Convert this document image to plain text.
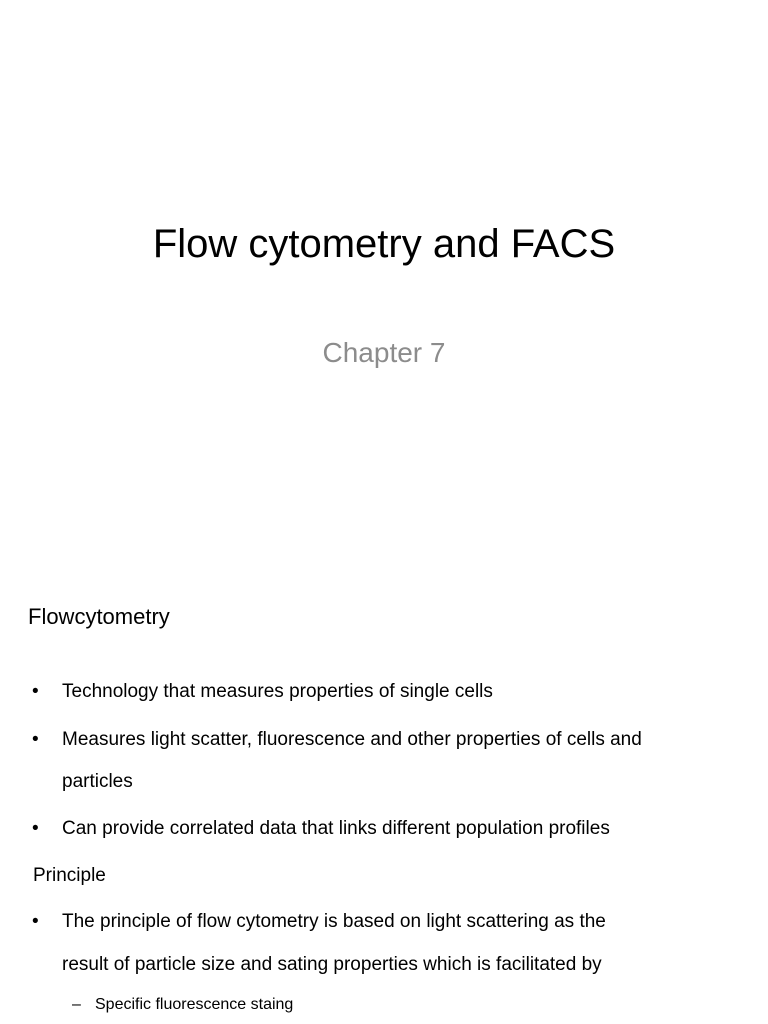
Flow cytometry and FACS
Chapter 7
Flowcytometry
• Technology that measures properties of single cells
• Measures light scatter, fluorescence and other properties of cells and
particles
• Can provide correlated data that links different population profiles
Principle
• The principle of flow cytometry is based on light scattering as the
result of particle size and sating properties which is facilitated by
– Specific fluorescence staing
